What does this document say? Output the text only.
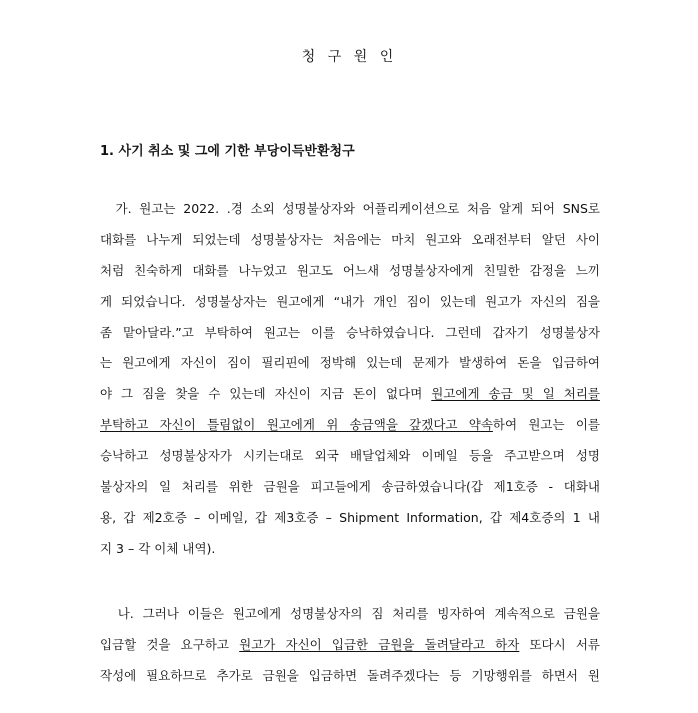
청 구 원 인
1. 사기 취소 및 그에 기한 부당이득반환청구
가. 원고는 2022. .경 소외 성명불상자와 어플리케이션으로 처음 알게 되어 SNS로
대화를 나누게 되었는데 성명불상자는 처음에는 마치 원고와 오래전부터 알던 사이
처럼 친숙하게 대화를 나누었고 원고도 어느새 성명불상자에게 친밀한 감정을 느끼
게 되었습니다. 성명불상자는 원고에게 “내가 개인 짐이 있는데 원고가 자신의 짐을
좀 맡아달라.”고 부탁하여 원고는 이를 승낙하였습니다. 그런데 갑자기 성명불상자
는 원고에게 자신이 짐이 필리핀에 정박해 있는데 문제가 발생하여 돈을 입금하여
야 그 짐을 찾을 수 있는데 자신이 지금 돈이 없다며 원고에게 송금 및 일 처리를
부탁하고 자신이 틀림없이 원고에게 위 송금액을 갚겠다고 약속하여 원고는 이를
승낙하고 성명불상자가 시키는대로 외국 배달업체와 이메일 등을 주고받으며 성명
불상자의 일 처리를 위한 금원을 피고들에게 송금하였습니다(갑 제1호증 - 대화내
용, 갑 제2호증 – 이메일, 갑 제3호증 – Shipment Information, 갑 제4호증의 1 내
지 3 – 각 이체 내역).
나. 그러나 이들은 원고에게 성명불상자의 짐 처리를 빙자하여 계속적으로 금원을
입금할 것을 요구하고 원고가 자신이 입금한 금원을 돌려달라고 하자 또다시 서류
작성에 필요하므로 추가로 금원을 입금하면 돌려주겠다는 등 기망행위를 하면서 원
